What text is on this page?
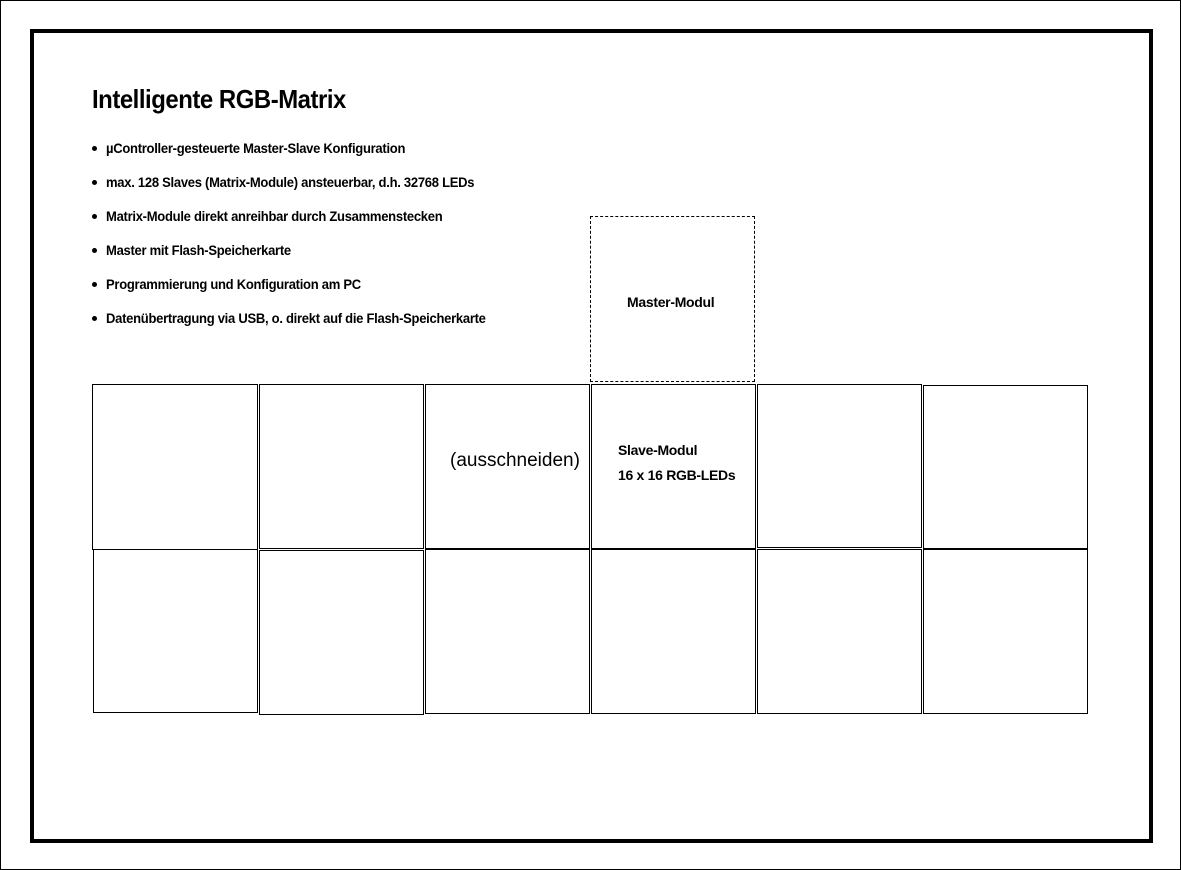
Intelligente RGB-Matrix
µController-gesteuerte Master-Slave Konfiguration
max. 128 Slaves (Matrix-Module) ansteuerbar, d.h. 32768 LEDs
Matrix-Module direkt anreihbar durch Zusammenstecken
Master mit Flash-Speicherkarte
Programmierung und Konfiguration am PC
Datenübertragung via USB, o. direkt auf die Flash-Speicherkarte
Master-Modul
(ausschneiden)	Slave-Modul
16 x 16 RGB-LEDs
